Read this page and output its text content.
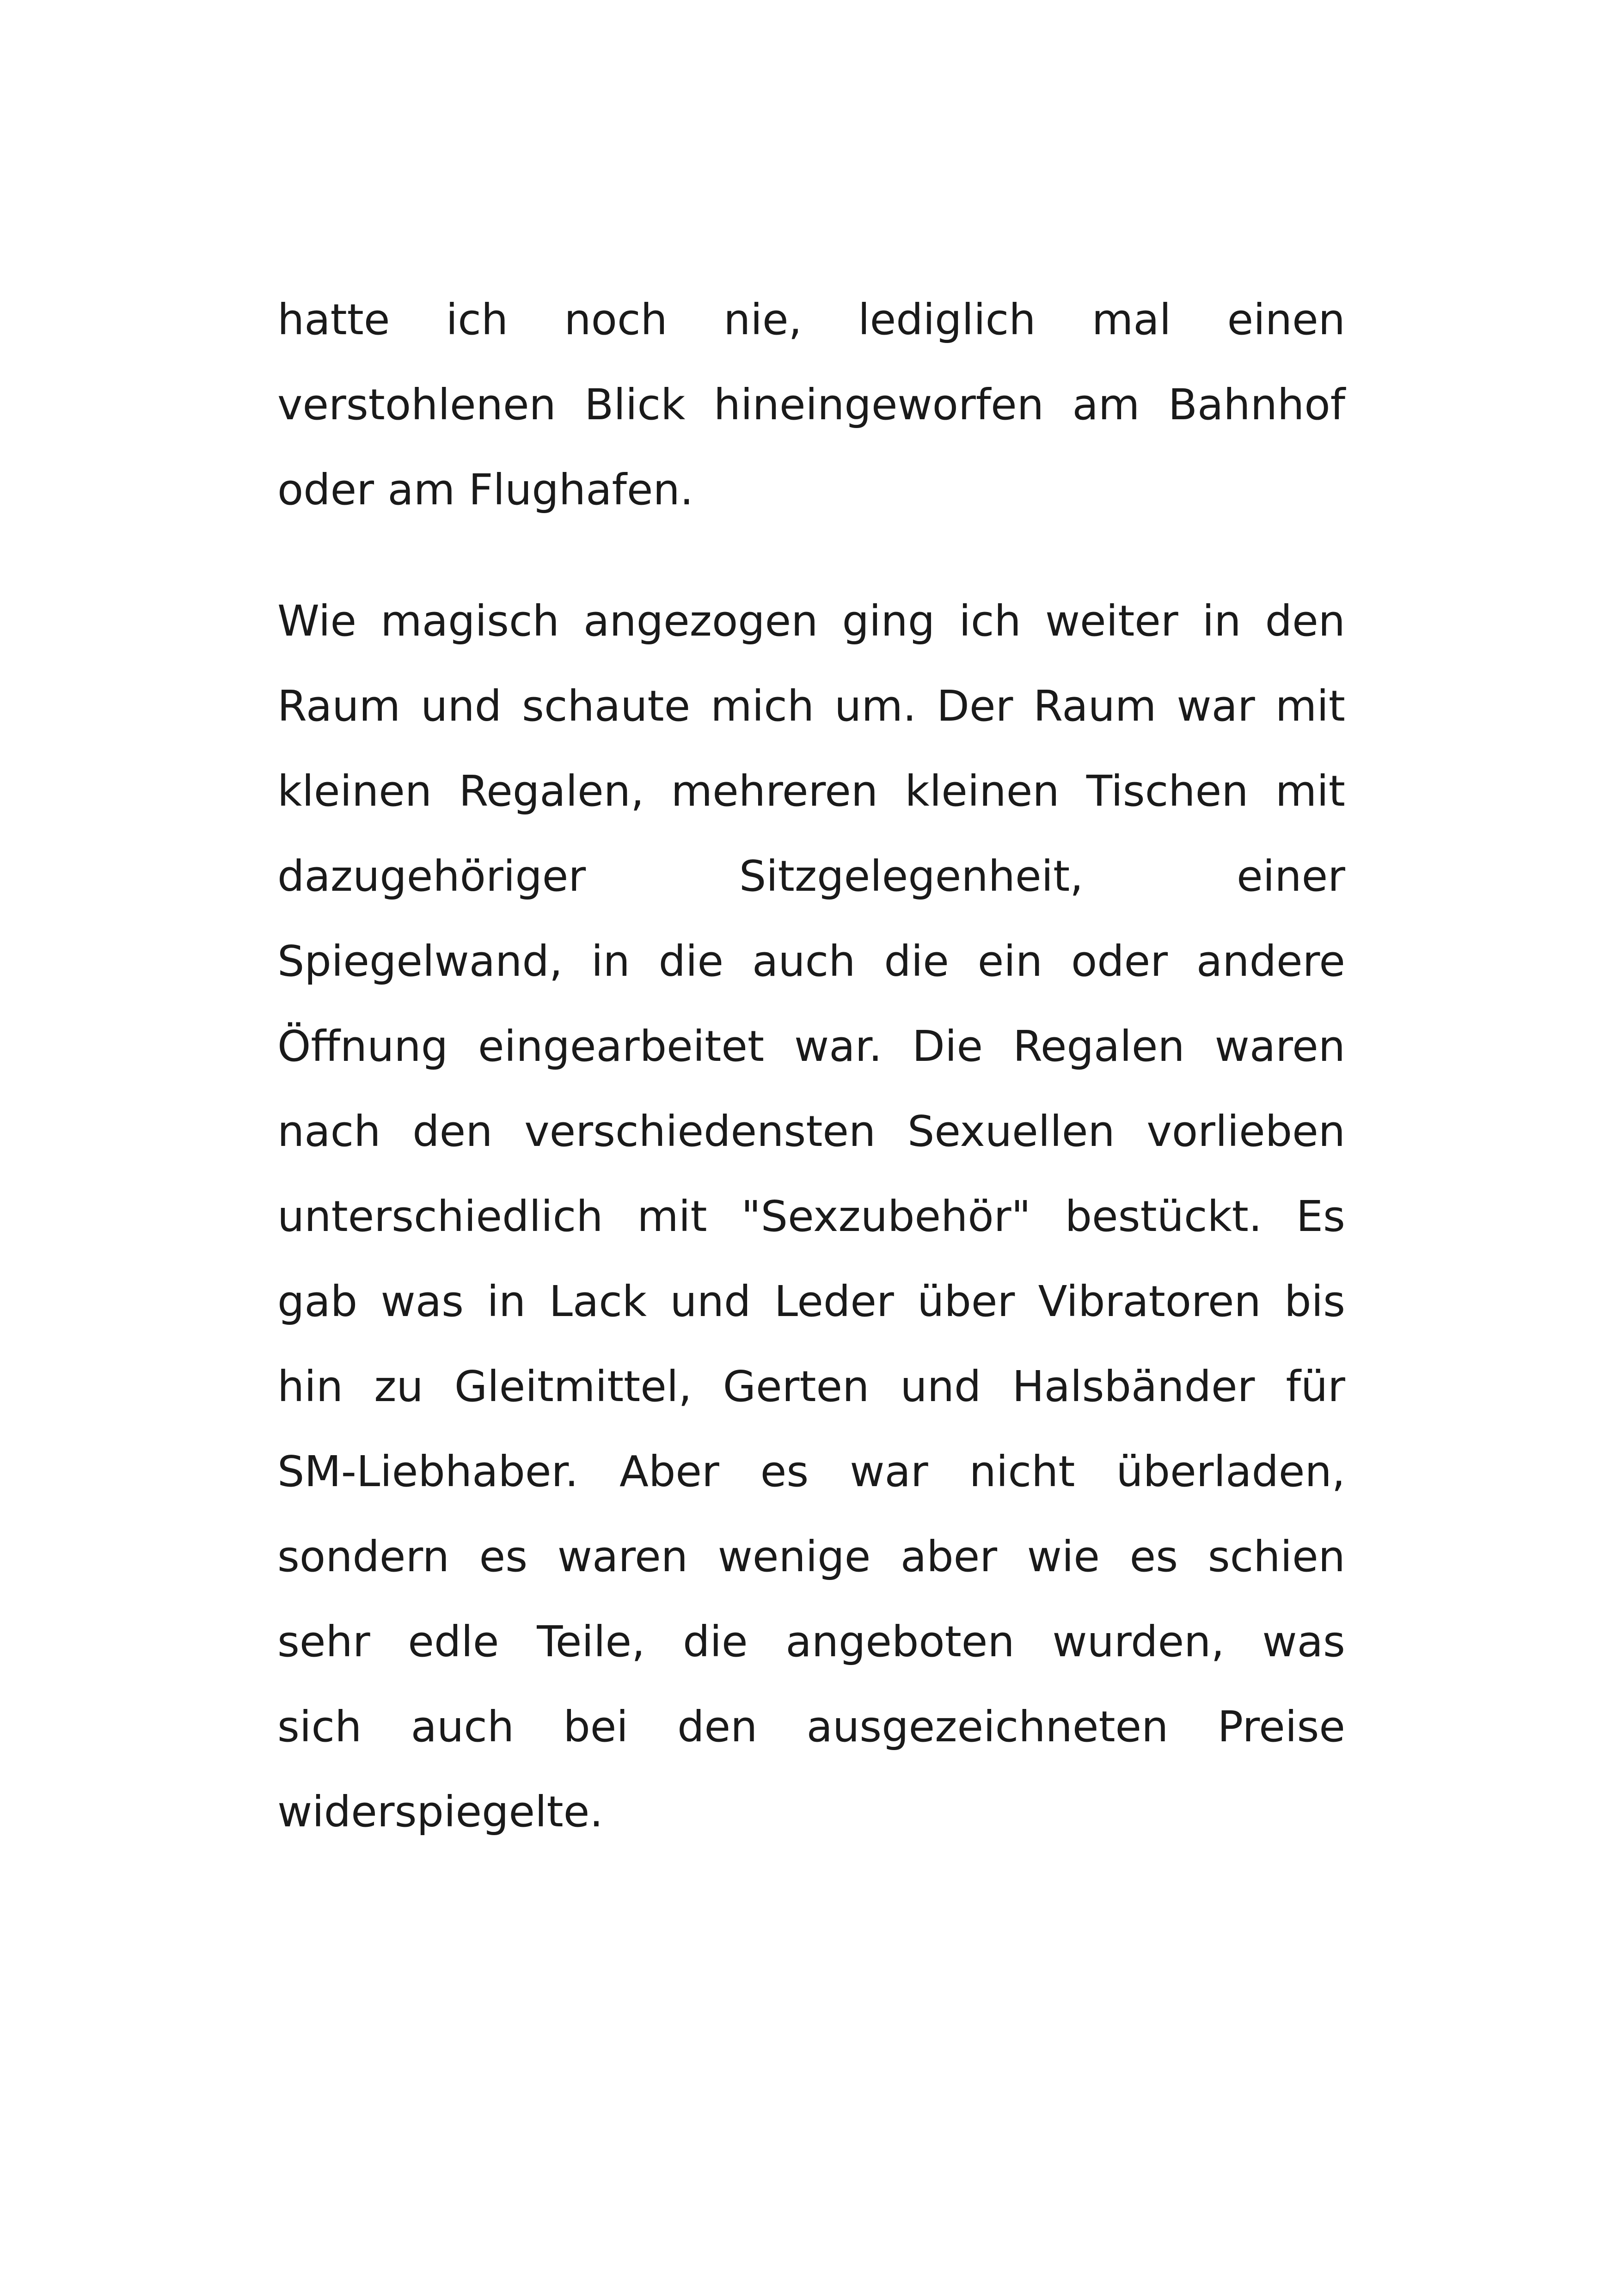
hatte ich noch nie, lediglich mal einen
verstohlenen Blick hineingeworfen am Bahnhof
oder am Flughafen.
Wie magisch angezogen ging ich weiter in den
Raum und schaute mich um. Der Raum war mit
kleinen Regalen, mehreren kleinen Tischen mit
dazugehöriger Sitzgelegenheit, einer
Spiegelwand, in die auch die ein oder andere
Öffnung eingearbeitet war. Die Regalen waren
nach den verschiedensten Sexuellen vorlieben
unterschiedlich mit "Sexzubehör" bestückt. Es
gab was in Lack und Leder über Vibratoren bis
hin zu Gleitmittel, Gerten und Halsbänder für
SM-Liebhaber. Aber es war nicht überladen,
sondern es waren wenige aber wie es schien
sehr edle Teile, die angeboten wurden, was
sich auch bei den ausgezeichneten Preise
widerspiegelte.
